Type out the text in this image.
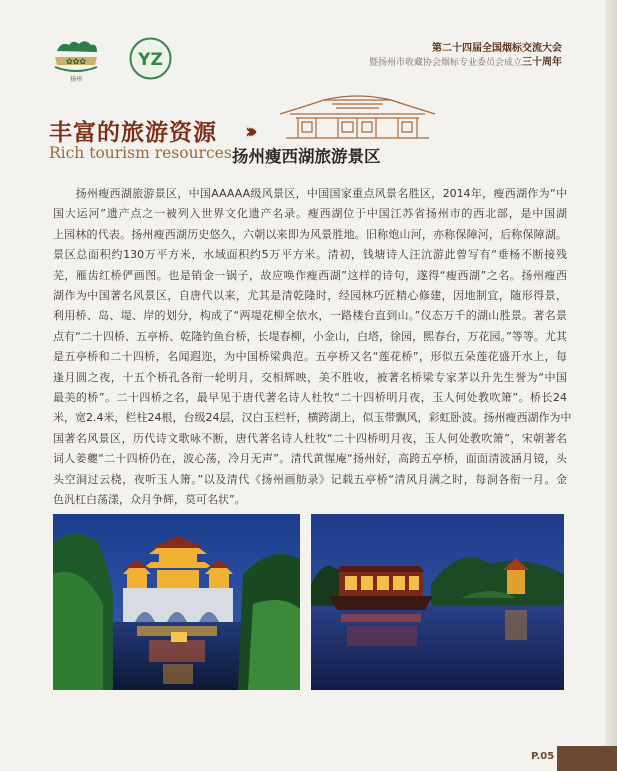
✿✿✿
扬州
YZ
第二十四届全国烟标交流大会
暨扬州市收藏协会烟标专业委员会成立三十周年
丰富的旅游资源 ›››
Rich tourism resources 扬州瘦西湖旅游景区
　　扬州瘦西湖旅游景区，中国AAAAA级风景区，中国国家重点风景名胜区，2014年，瘦西湖作为“中
国大运河”遗产点之一被列入世界文化遗产名录。瘦西湖位于中国江苏省扬州市的西北部，是中国湖
上园林的代表。扬州瘦西湖历史悠久，六朝以来即为风景胜地。旧称炮山河，亦称保障河，后称保障湖。
景区总面积约130万平方米，水域面积约5万平方米。清初，钱塘诗人汪沆游此曾写有“垂杨不断接残
芜，雁齿红桥俨画图。也是销金一锅子，故应唤作瘦西湖”这样的诗句，遂得“瘦西湖”之名。扬州瘦西
湖作为中国著名风景区，自唐代以来，尤其是清乾隆时，经园林巧匠精心修建，因地制宜，随形得景，
利用桥、岛、堤、岸的划分，构成了“两堤花柳全依水，一路楼台直到山。”仪态万千的湖山胜景。著名景
点有“二十四桥、五亭桥、乾隆钓鱼台桥，长堤春柳，小金山，白塔，徐园，熙春台，万花园。”等等。尤其
是五亭桥和二十四桥，名闻遐迩，为中国桥梁典范。五亭桥又名“莲花桥”，形似五朵莲花盛开水上，每
逢月圆之夜，十五个桥孔各衔一轮明月，交相辉映，美不胜收，被著名桥梁专家茅以升先生誉为“中国
最美的桥”。二十四桥之名，最早见于唐代著名诗人杜牧“二十四桥明月夜，玉人何处教吹箫”。桥长24
米，宽2.4米，栏柱24根，台级24层，汉白玉栏杆，横跨湖上，似玉带飘风，彩虹卧波。扬州瘦西湖作为中
国著名风景区，历代诗文歌咏不断，唐代著名诗人杜牧“二十四桥明月夜，玉人何处教吹箫”，宋朝著名
词人姜夔“二十四桥仍在，波心荡，冷月无声”。清代黄惺庵“扬州好，高跨五亭桥，面面清波涵月镜，头
头空洞过云桡，夜听玉人箫。”以及清代《扬州画舫录》记载五亭桥“清风月满之时，每洞各衔一月。金
色汎杠白荡漾，众月争辉，莫可名状”。
P.05
